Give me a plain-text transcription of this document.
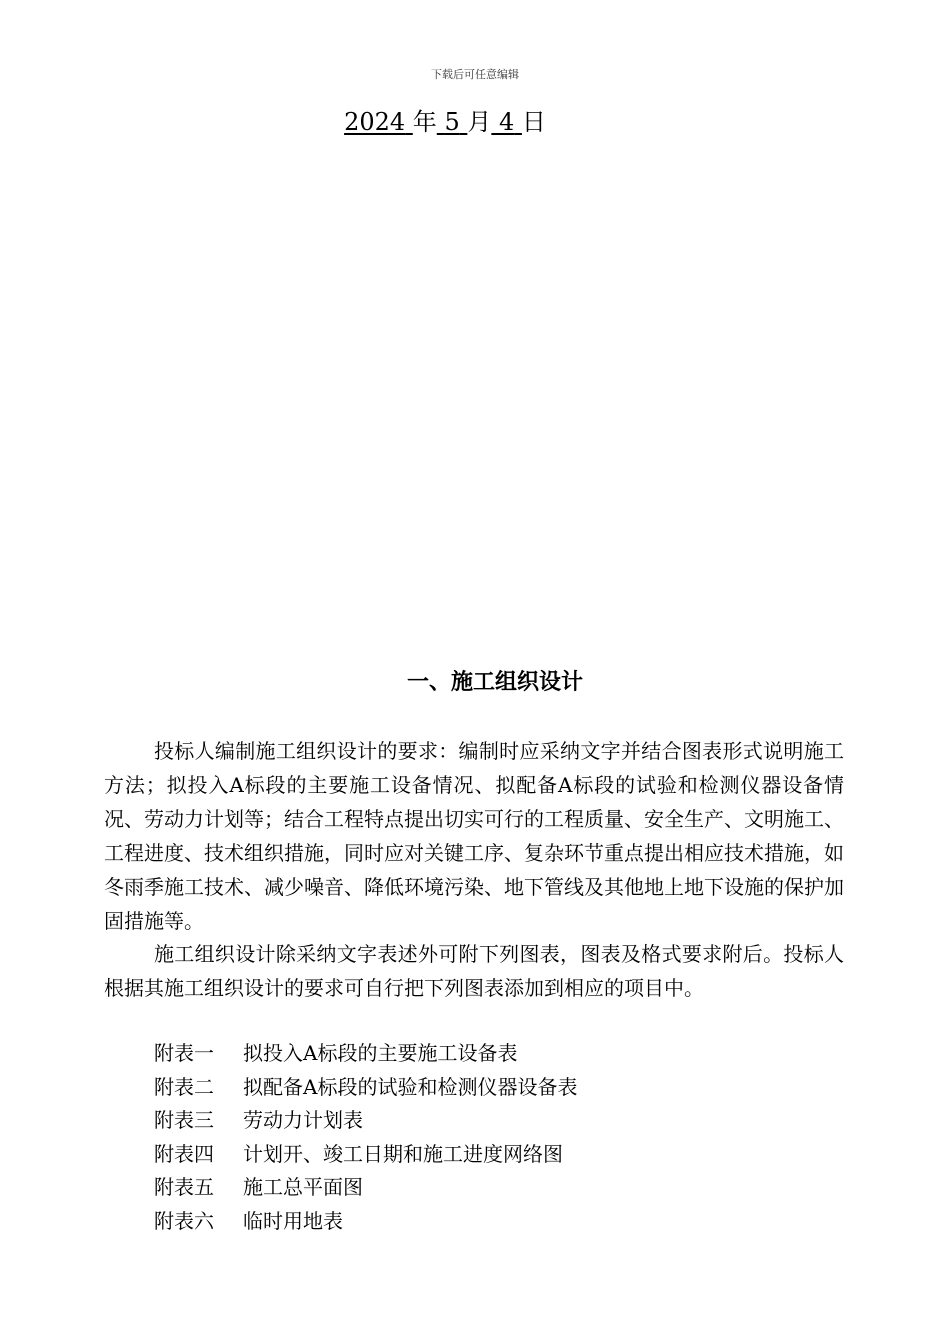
下载后可任意编辑
2024 年 5 月 4 日
一、施工组织设计

投标人编制施工组织设计的要求：编制时应采纳文字并结合图表形式说明施工方法；拟投入A标段的主要施工设备情况、拟配备A标段的试验和检测仪器设备情况、劳动力计划等；结合工程特点提出切实可行的工程质量、安全生产、文明施工、工程进度、技术组织措施，同时应对关键工序、复杂环节重点提出相应技术措施，如冬雨季施工技术、减少噪音、降低环境污染、地下管线及其他地上地下设施的保护加固措施等。

施工组织设计除采纳文字表述外可附下列图表，图表及格式要求附后。投标人根据其施工组织设计的要求可自行把下列图表添加到相应的项目中。

附表一	拟投入A标段的主要施工设备表
附表二	拟配备A标段的试验和检测仪器设备表
附表三	劳动力计划表
附表四	计划开、竣工日期和施工进度网络图
附表五	施工总平面图
附表六	临时用地表
